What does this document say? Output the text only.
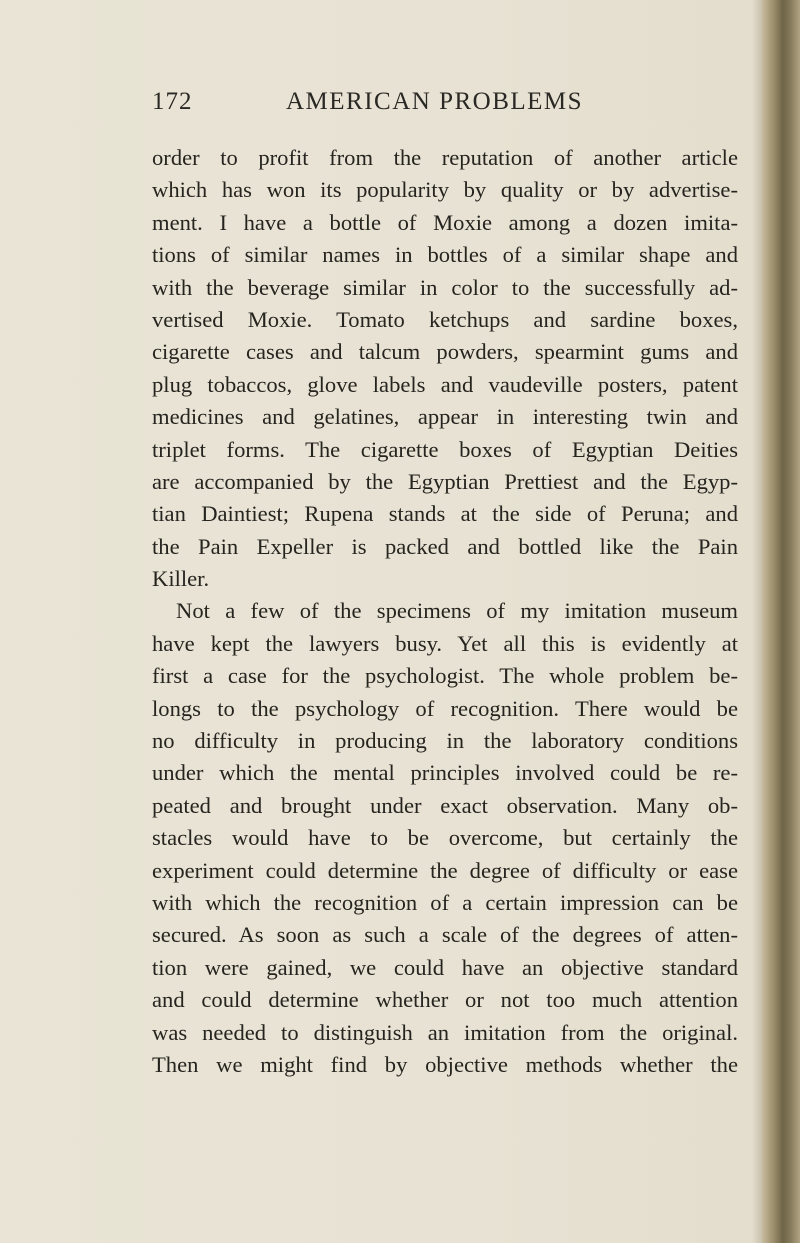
172	AMERICAN PROBLEMS
order to profit from the reputation of another article
which has won its popularity by quality or by advertise-
ment. I have a bottle of Moxie among a dozen imita-
tions of similar names in bottles of a similar shape and
with the beverage similar in color to the successfully ad-
vertised Moxie. Tomato ketchups and sardine boxes,
cigarette cases and talcum powders, spearmint gums and
plug tobaccos, glove labels and vaudeville posters, patent
medicines and gelatines, appear in interesting twin and
triplet forms. The cigarette boxes of Egyptian Deities
are accompanied by the Egyptian Prettiest and the Egyp-
tian Daintiest; Rupena stands at the side of Peruna; and
the Pain Expeller is packed and bottled like the Pain
Killer.
Not a few of the specimens of my imitation museum
have kept the lawyers busy. Yet all this is evidently at
first a case for the psychologist. The whole problem be-
longs to the psychology of recognition. There would be
no difficulty in producing in the laboratory conditions
under which the mental principles involved could be re-
peated and brought under exact observation. Many ob-
stacles would have to be overcome, but certainly the
experiment could determine the degree of difficulty or ease
with which the recognition of a certain impression can be
secured. As soon as such a scale of the degrees of atten-
tion were gained, we could have an objective standard
and could determine whether or not too much attention
was needed to distinguish an imitation from the original.
Then we might find by objective methods whether the
